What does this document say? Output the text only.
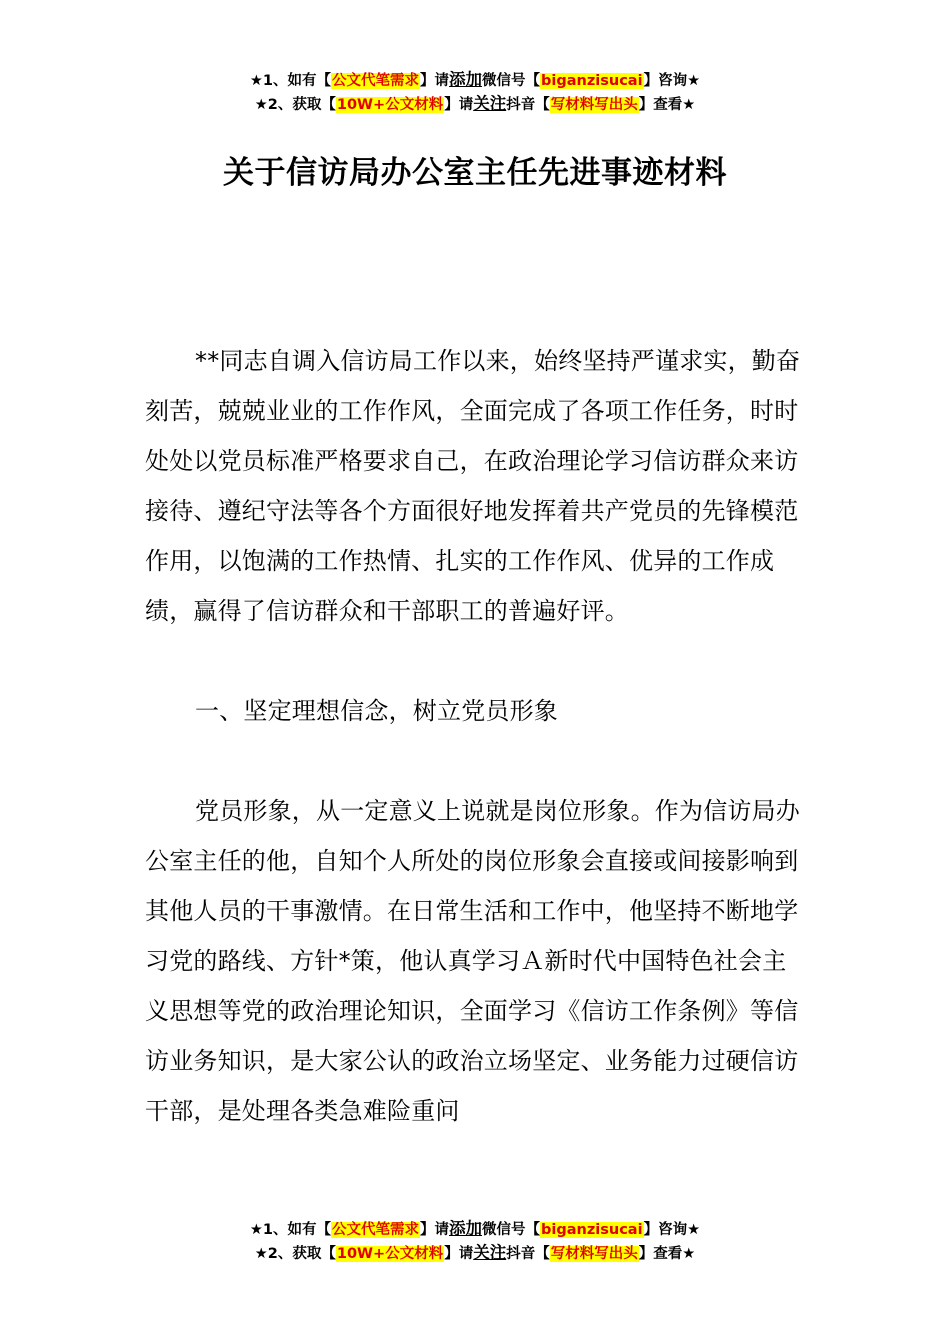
★1、如有【公文代笔需求】请添加微信号【biganzisucai】咨询★
★2、获取【10W+公文材料】请关注抖音【写材料写出头】查看★
关于信访局办公室主任先进事迹材料

**同志自调入信访局工作以来，始终坚持严谨求实，勤奋刻苦，兢兢业业的工作作风，全面完成了各项工作任务，时时处处以党员标准严格要求自己，在政治理论学习信访群众来访接待、遵纪守法等各个方面很好地发挥着共产党员的先锋模范作用，以饱满的工作热情、扎实的工作作风、优异的工作成绩，赢得了信访群众和干部职工的普遍好评。

一、坚定理想信念，树立党员形象

党员形象，从一定意义上说就是岗位形象。作为信访局办公室主任的他，自知个人所处的岗位形象会直接或间接影响到其他人员的干事激情。在日常生活和工作中，他坚持不断地学习党的路线、方针*策，他认真学习Ａ新时代中国特色社会主义思想等党的政治理论知识，全面学习《信访工作条例》等信访业务知识，是大家公认的政治立场坚定、业务能力过硬信访干部，是处理各类急难险重问

★1、如有【公文代笔需求】请添加微信号【biganzisucai】咨询★
★2、获取【10W+公文材料】请关注抖音【写材料写出头】查看★
